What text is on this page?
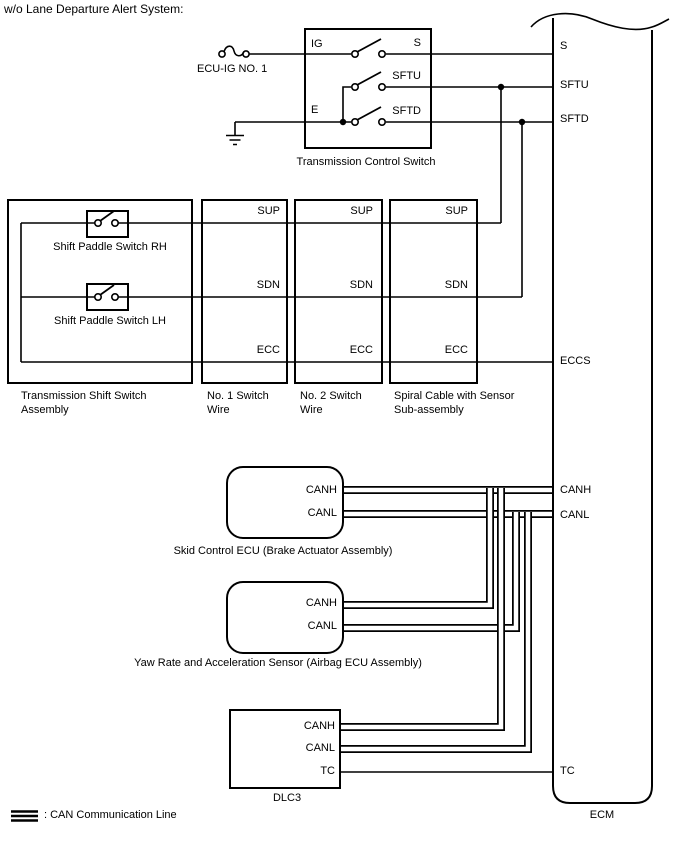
w/o Lane Departure Alert System:
ECU-IG NO. 1
IG
E
S
SFTU
SFTD
Transmission Control Switch
Shift Paddle Switch RH
Shift Paddle Switch LH
Transmission Shift Switch
Assembly
SUP
SDN
ECC
No. 1 Switch
Wire
SUP
SDN
ECC
No. 2 Switch
Wire
SUP
SDN
ECC
Spiral Cable with Sensor
Sub-assembly
CANH
CANL
Skid Control ECU (Brake Actuator Assembly)
CANH
CANL
Yaw Rate and Acceleration Sensor (Airbag ECU Assembly)
CANH
CANL
TC
DLC3
S
SFTU
SFTD
ECCS
CANH
CANL
TC
ECM
: CAN Communication Line
